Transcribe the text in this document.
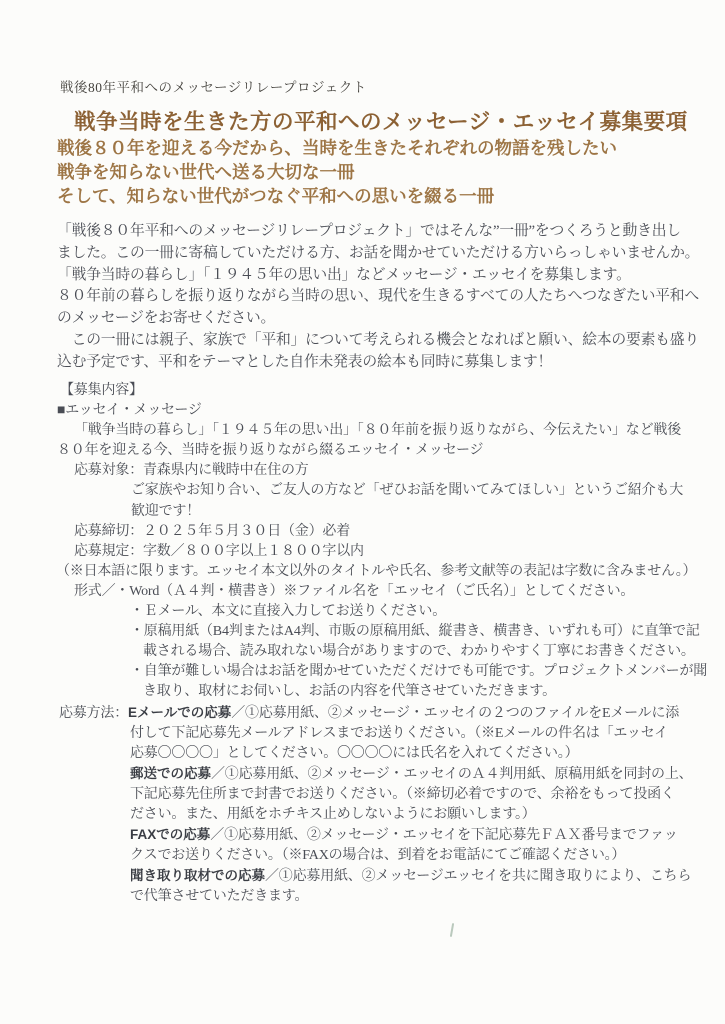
戦後80年平和へのメッセージリレープロジェクト
戦争当時を生きた方の平和へのメッセージ・エッセイ募集要項
戦後８０年を迎える今だから、当時を生きたそれぞれの物語を残したい
戦争を知らない世代へ送る大切な一冊
そして、知らない世代がつなぐ平和への思いを綴る一冊
「戦後８０年平和へのメッセージリレープロジェクト」ではそんな”一冊”をつくろうと動き出し
ました。この一冊に寄稿していただける方、お話を聞かせていただける方いらっしゃいませんか。
「戦争当時の暮らし」「１９４５年の思い出」などメッセージ・エッセイを募集します。
８０年前の暮らしを振り返りながら当時の思い、現代を生きるすべての人たちへつなぎたい平和へ
のメッセージをお寄せください。
　この一冊には親子、家族で「平和」について考えられる機会となればと願い、絵本の要素も盛り
込む予定です、平和をテーマとした自作未発表の絵本も同時に募集します！
【募集内容】
■エッセイ・メッセージ
「戦争当時の暮らし」「１９４５年の思い出」「８０年前を振り返りながら、今伝えたい」など戦後
８０年を迎える今、当時を振り返りながら綴るエッセイ・メッセージ
応募対象：青森県内に戦時中在住の方
ご家族やお知り合い、ご友人の方など「ぜひお話を聞いてみてほしい」というご紹介も大
歓迎です！
応募締切：２０２５年５月３０日（金）必着
応募規定：字数／８００字以上１８００字以内
（※日本語に限ります。エッセイ本文以外のタイトルや氏名、参考文献等の表記は字数に含みません。）
形式／・Word（Ａ４判・横書き）※ファイル名を「エッセイ（ご氏名）」としてください。
・Ｅメール、本文に直接入力してお送りください。
・原稿用紙（B4判またはA4判、市販の原稿用紙、縦書き、横書き、いずれも可）に直筆で記
載される場合、読み取れない場合がありますので、わかりやすく丁寧にお書きください。
・自筆が難しい場合はお話を聞かせていただくだけでも可能です。プロジェクトメンバーが聞
き取り、取材にお伺いし、お話の内容を代筆させていただきます。
応募方法：Eメールでの応募／①応募用紙、②メッセージ・エッセイの２つのファイルをEメールに添
付して下記応募先メールアドレスまでお送りください。（※Eメールの件名は「エッセイ
応募〇〇〇〇」としてください。〇〇〇〇には氏名を入れてください。）
郵送での応募／①応募用紙、②メッセージ・エッセイのＡ４判用紙、原稿用紙を同封の上、
下記応募先住所まで封書でお送りください。（※締切必着ですので、余裕をもって投函く
ださい。また、用紙をホチキス止めしないようにお願いします。）
FAXでの応募／①応募用紙、②メッセージ・エッセイを下記応募先ＦＡＸ番号までファッ
クスでお送りください。（※FAXの場合は、到着をお電話にてご確認ください。）
聞き取り取材での応募／①応募用紙、②メッセージエッセイを共に聞き取りにより、こちら
で代筆させていただきます。
